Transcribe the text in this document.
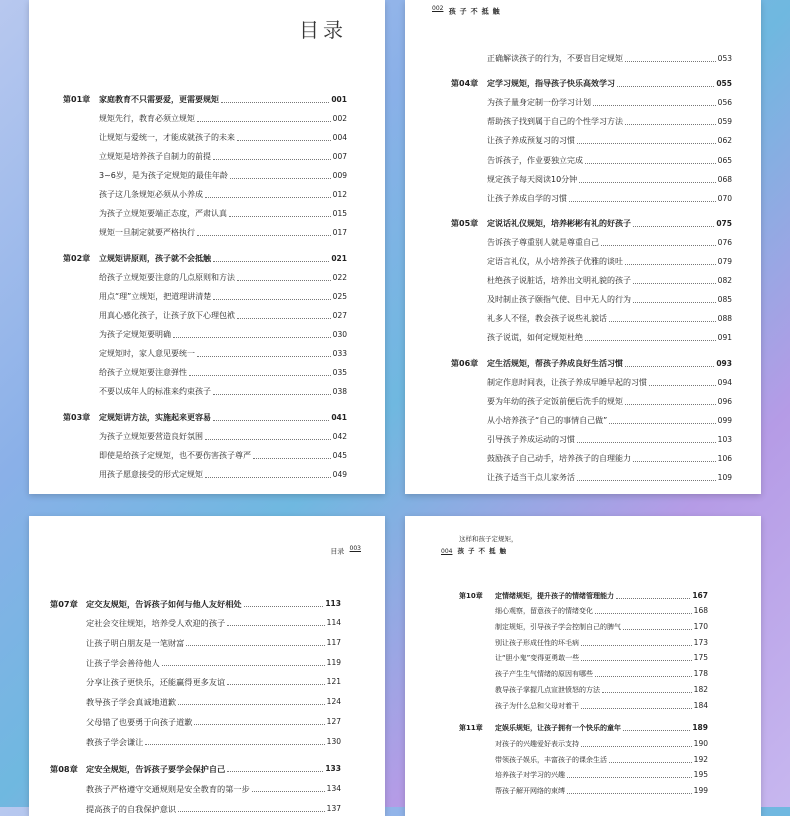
目录
第01章 家庭教育不只需要爱，更需要规矩	001
规矩先行，教育必须立规矩	002
让规矩与爱统一，才能成就孩子的未来	004
立规矩是培养孩子自制力的前提	007
3~6岁，是为孩子定规矩的最佳年龄	009
孩子这几条规矩必须从小养成	012
为孩子立规矩要端正态度，严肃认真	015
规矩一旦制定就要严格执行	017
第02章 立规矩讲原则，孩子就不会抵触	021
给孩子立规矩要注意的几点原则和方法	022
用点“理”立规矩，把道理讲清楚	025
用真心感化孩子，让孩子放下心理包袱	027
为孩子定规矩要明确	030
定规矩时，家人意见要统一	033
给孩子立规矩要注意弹性	035
不要以成年人的标准来约束孩子	038
第03章 定规矩讲方法，实施起来更容易	041
为孩子立规矩要营造良好氛围	042
即使是给孩子定规矩，也不要伤害孩子尊严	045
用孩子愿意接受的形式定规矩	049
002 孩子不抵触
正确解读孩子的行为，不要盲目定规矩	053
第04章 定学习规矩，指导孩子快乐高效学习	055
为孩子量身定制一份学习计划	056
帮助孩子找到属于自己的个性学习方法	059
让孩子养成预复习的习惯	062
告诉孩子，作业要独立完成	065
规定孩子每天阅读10分钟	068
让孩子养成自学的习惯	070
第05章 定说话礼仪规矩，培养彬彬有礼的好孩子	075
告诉孩子尊重别人就是尊重自己	076
定语言礼仪，从小培养孩子优雅的谈吐	079
杜绝孩子说脏话，培养出文明礼貌的孩子	082
及时制止孩子颐指气使、目中无人的行为	085
礼多人不怪，教会孩子说些礼貌话	088
孩子说谎，如何定规矩杜绝	091
第06章 定生活规矩，帮孩子养成良好生活习惯	093
制定作息时间表，让孩子养成早睡早起的习惯	094
要为年幼的孩子定饭前便后洗手的规矩	096
从小培养孩子“自己的事情自己做”	099
引导孩子养成运动的习惯	103
鼓励孩子自己动手，培养孩子的自理能力	106
让孩子适当干点儿家务活	109
目录 003
第07章 定交友规矩，告诉孩子如何与他人友好相处	113
定社会交往规矩，培养受人欢迎的孩子	114
让孩子明白朋友是一笔财富	117
让孩子学会善待他人	119
分享让孩子更快乐，还能赢得更多友谊	121
教导孩子学会真诚地道歉	124
父母错了也要勇于向孩子道歉	127
教孩子学会谦让	130
第08章 定安全规矩，告诉孩子要学会保护自己	133
教孩子严格遵守交通规则是安全教育的第一步	134
提高孩子的自我保护意识	137
这样和孩子定规矩，
004 孩子不抵触
第10章 定情绪规矩，提升孩子的情绪管理能力	167
细心观察，留意孩子的情绪变化	168
制定规矩，引导孩子学会控制自己的脾气	170
别让孩子形成任性的坏毛病	173
让“胆小鬼”变得更勇敢一些	175
孩子产生生气情绪的原因有哪些	178
教导孩子掌握几点宣泄愤怒的方法	182
孩子为什么总和父母对着干	184
第11章 定娱乐规矩，让孩子拥有一个快乐的童年	189
对孩子的兴趣爱好表示支持	190
带领孩子娱乐，丰富孩子的课余生活	192
培养孩子对学习的兴趣	195
帮孩子解开网络的束缚	199
